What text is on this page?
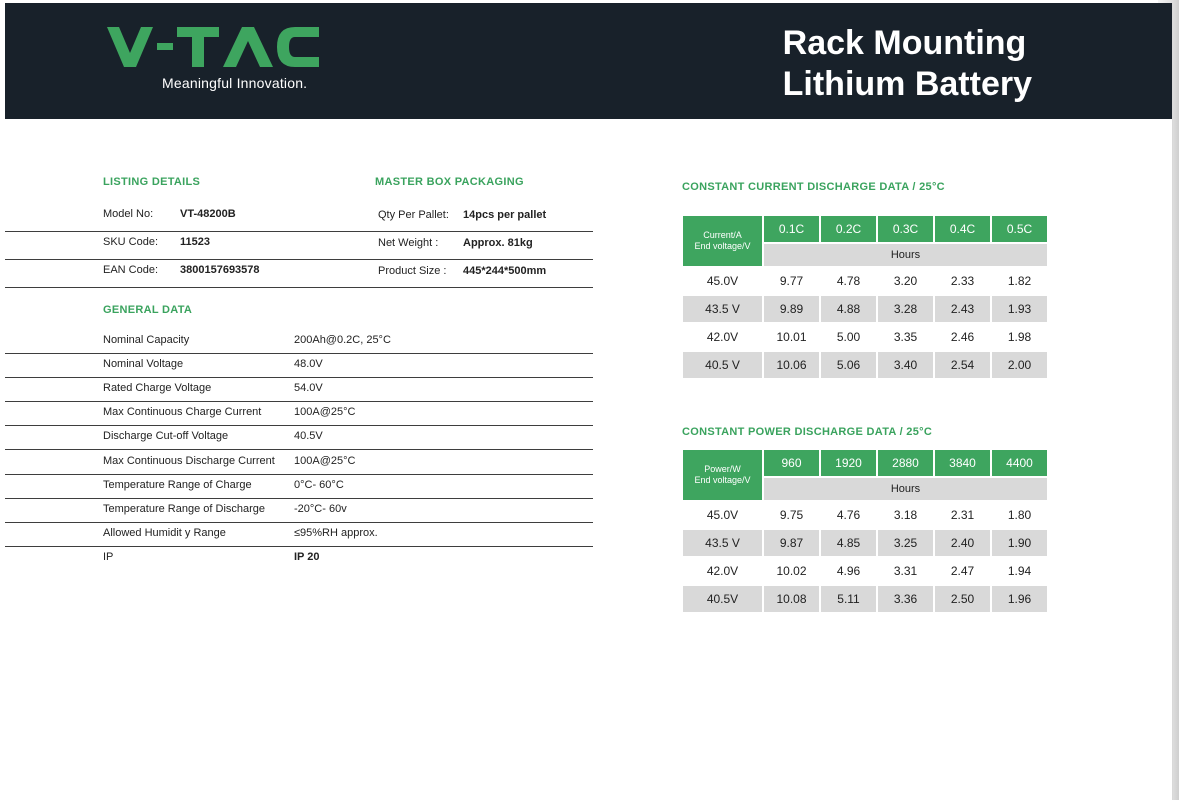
Meaningful Innovation.
Rack Mounting
Lithium Battery
LISTING DETAILS
Model No: VT-48200B	Qty Per Pallet: 14pcs per pallet
SKU Code: 11523	Net Weight : Approx. 81kg
EAN Code: 3800157693578	Product Size : 445*244*500mm
MASTER BOX PACKAGING
GENERAL DATA
Nominal Capacity	200Ah@0.2C, 25°C
Nominal Voltage	48.0V
Rated Charge Voltage	54.0V
Max Continuous Charge Current	100A@25°C
Discharge Cut-off Voltage	40.5V
Max Continuous Discharge Current 100A@25°C
Temperature Range of Charge	0°C- 60°C
Temperature Range of Discharge	-20°C- 60v
Allowed Humidit y Range	≤95%RH approx.
IP	IP 20
CONSTANT CURRENT DISCHARGE DATA / 25°C
Current/A
End voltage/V	0.1C	0.2C	0.3C	0.4C	0.5C
	Hours				
45.0V	9.77	4.78	3.20	2.33	1.82
43.5 V	9.89	4.88	3.28	2.43	1.93
42.0V	10.01	5.00	3.35	2.46	1.98
40.5 V	10.06	5.06	3.40	2.54	2.00
CONSTANT POWER DISCHARGE DATA / 25°C
Power/W
End voltage/V	960	1920	2880	3840	4400
	Hours				
45.0V	9.75	4.76	3.18	2.31	1.80
43.5 V	9.87	4.85	3.25	2.40	1.90
42.0V	10.02	4.96	3.31	2.47	1.94
40.5V	10.08	5.11	3.36	2.50	1.96
